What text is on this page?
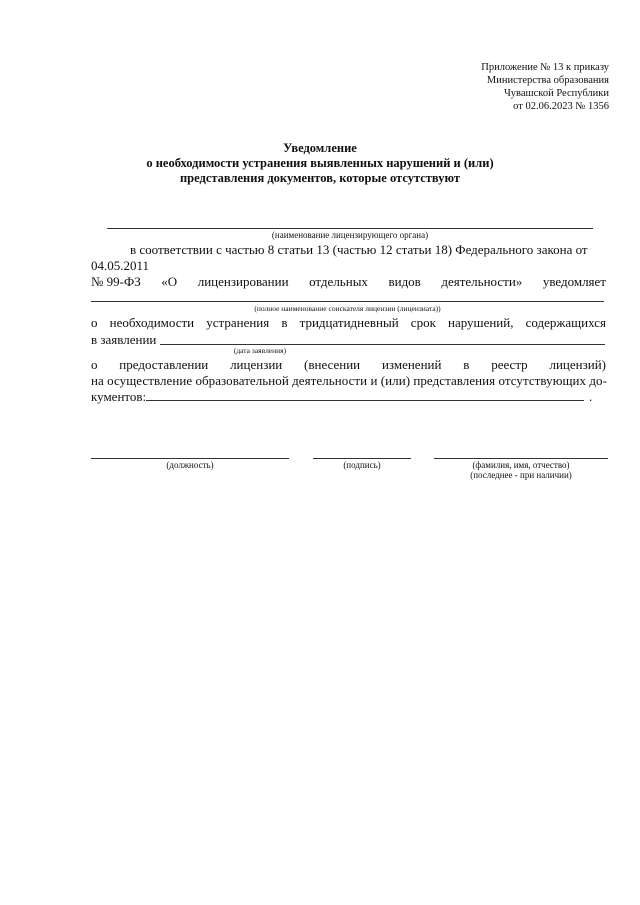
Приложение № 13 к приказу
Министерства образования
Чувашской Республики
от 02.06.2023 № 1356
Уведомление
о необходимости устранения выявленных нарушений и (или)
представления документов, которые отсутствуют
(наименование лицензирующего органа)
в соответствии с частью 8 статьи 13 (частью 12 статьи 18) Федерального закона от
04.05.2011
№ 99-ФЗ «О лицензировании отдельных видов деятельности» уведомляет
(полное наименование соискателя лицензии (лицензиата))
о необходимости устранения в тридцатидневный срок нарушений, содержащихся
в заявлении
(дата заявления)
о предоставлении лицензии (внесении изменений в реестр лицензий)
на осуществление образовательной деятельности и (или) представления отсутствующих до-
кументов:	.
(должность)	(подпись)	(фамилия, имя, отчество)
(последнее - при наличии)
